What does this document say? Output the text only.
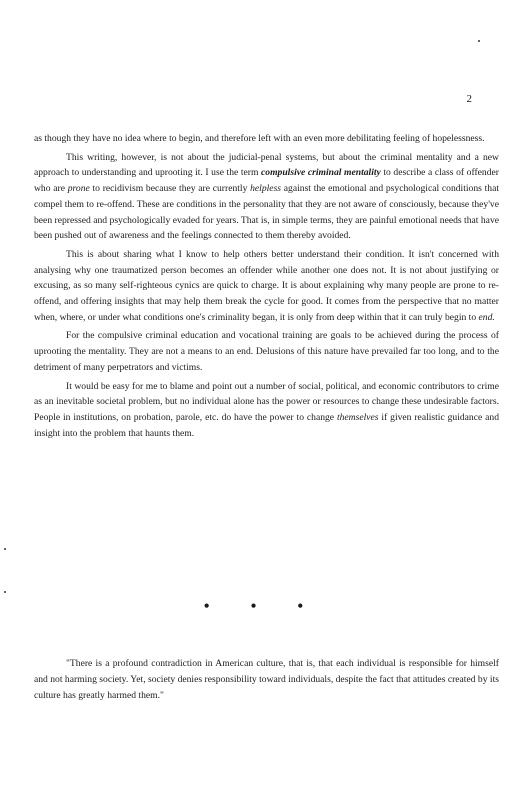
2

as though they have no idea where to begin, and therefore left with an even more debilitating feeling of hopelessness.

This writing, however, is not about the judicial-penal systems, but about the criminal mentality and a new approach to understanding and uprooting it. I use the term compulsive criminal mentality to describe a class of offender who are prone to recidivism because they are currently helpless against the emotional and psychological conditions that compel them to re-offend. These are conditions in the personality that they are not aware of consciously, because they've been repressed and psychologically evaded for years. That is, in simple terms, they are painful emotional needs that have been pushed out of awareness and the feelings connected to them thereby avoided.

This is about sharing what I know to help others better understand their condition. It isn't concerned with analysing why one traumatized person becomes an offender while another one does not. It is not about justifying or excusing, as so many self-righteous cynics are quick to charge. It is about explaining why many people are prone to re-offend, and offering insights that may help them break the cycle for good. It comes from the perspective that no matter when, where, or under what conditions one's criminality began, it is only from deep within that it can truly begin to end.

For the compulsive criminal education and vocational training are goals to be achieved during the process of uprooting the mentality. They are not a means to an end. Delusions of this nature have prevailed far too long, and to the detriment of many perpetrators and victims.

It would be easy for me to blame and point out a number of social, political, and economic contributors to crime as an inevitable societal problem, but no individual alone has the power or resources to change these undesirable factors. People in institutions, on probation, parole, etc. do have the power to change themselves if given realistic guidance and insight into the problem that haunts them.

• • •
"There is a profound contradiction in American culture, that is, that each individual is responsible for himself and not harming society. Yet, society denies responsibility toward individuals, despite the fact that attitudes created by its culture has greatly harmed them."
